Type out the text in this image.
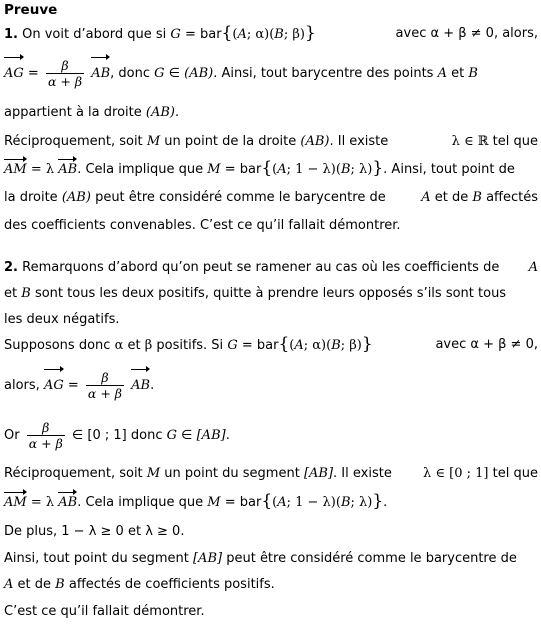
Preuve
1. On voit d’abord que si G = bar{(A; α)(B; β)}	avec α + β ≠ 0, alors,
AG = $\frac{\beta}{\alpha + \beta}$ AB, donc G ∈ (AB). Ainsi, tout barycentre des points A et B
appartient à la droite (AB).
Réciproquement, soit M un point de la droite (AB). Il existe	λ ∈ ℝ tel que
AM = λ AB. Cela implique que M = bar{(A; 1 − λ)(B; λ)}. Ainsi, tout point de
la droite (AB) peut être considéré comme le barycentre de	A et de B affectés
des coefficients convenables. C’est ce qu’il fallait démontrer.
2. Remarquons d’abord qu’on peut se ramener au cas où les coefficients de A
et B sont tous les deux positifs, quitte à prendre leurs opposés s’ils sont tous
les deux négatifs.
Supposons donc α et β positifs. Si G = bar{(A; α)(B; β)}	avec α + β ≠ 0,
alors, AG = $\frac{\beta}{\alpha + \beta}$ AB.
Or $\frac{\beta}{\alpha + \beta}$ ∈ [0 ; 1] donc G ∈ [AB].
Réciproquement, soit M un point du segment [AB]. Il existe λ ∈ [0 ; 1] tel que
AM = λ AB. Cela implique que M = bar{(A; 1 − λ)(B; λ)}.
De plus, 1 − λ ≥ 0 et λ ≥ 0.
Ainsi, tout point du segment [AB] peut être considéré comme le barycentre de
A et de B affectés de coefficients positifs.
C’est ce qu’il fallait démontrer.
